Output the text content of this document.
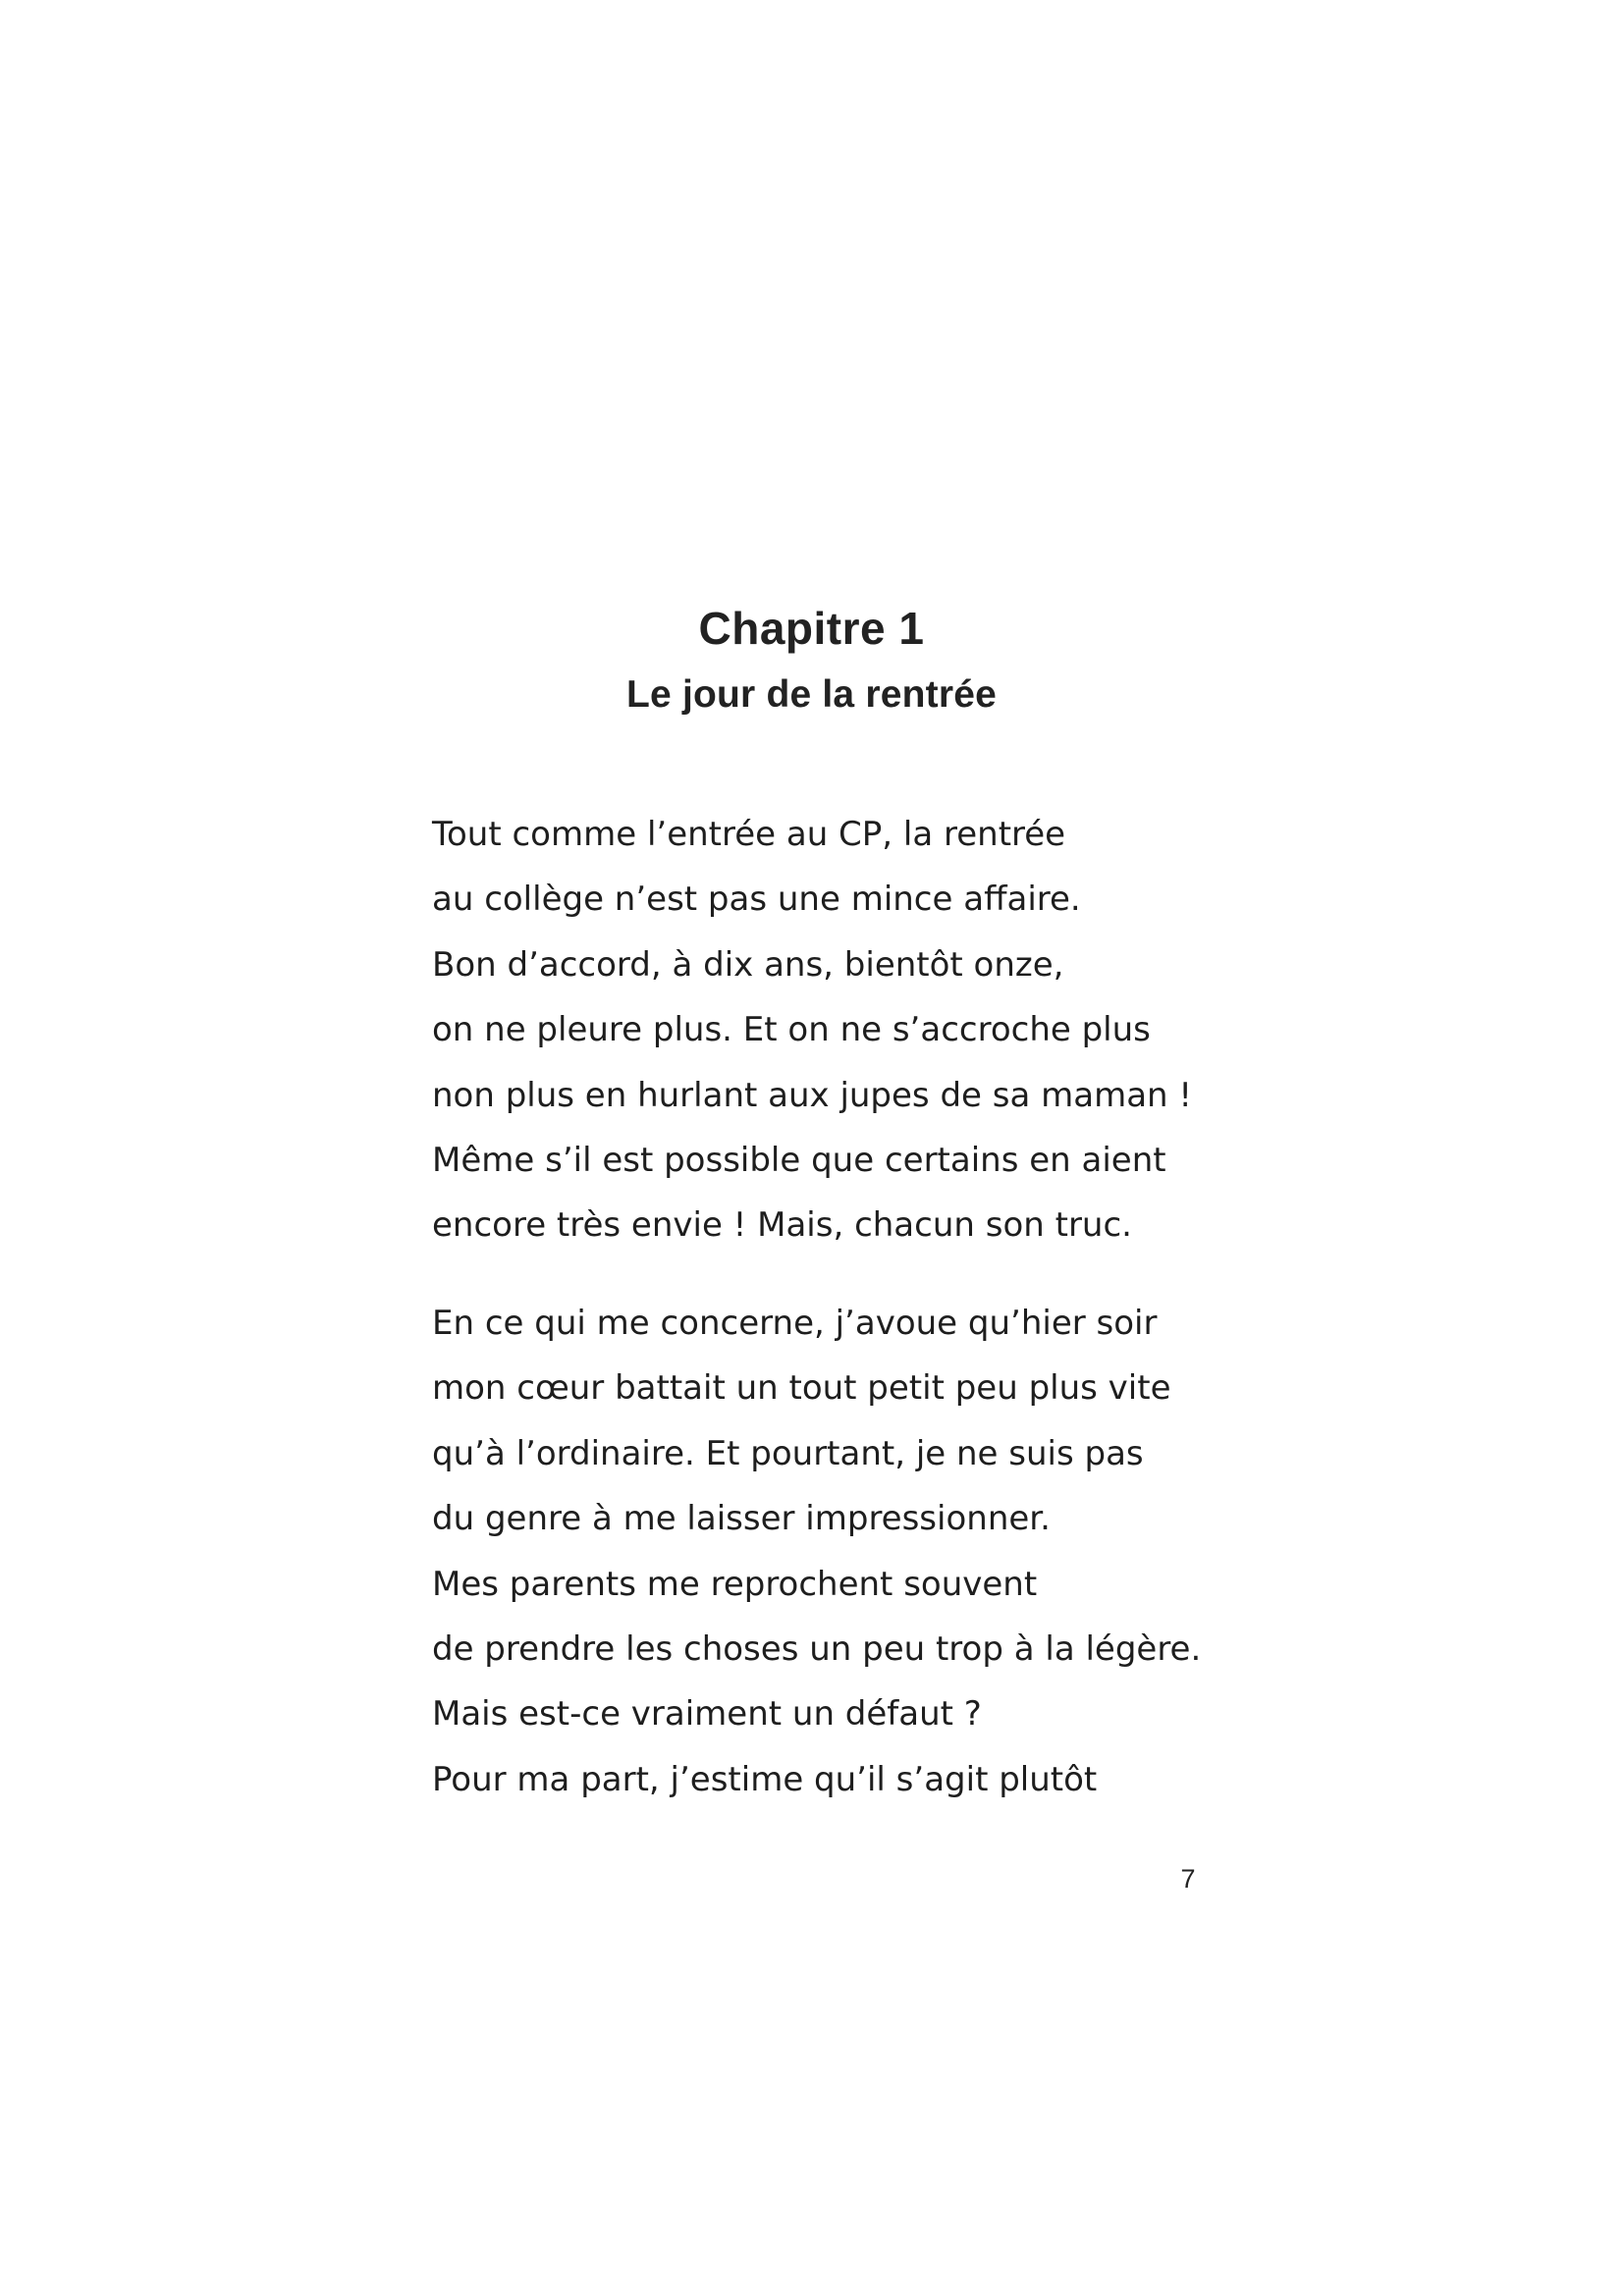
Chapitre 1
Le jour de la rentrée
Tout comme l’entrée au CP, la rentrée
au collège n’est pas une mince affaire.
Bon d’accord, à dix ans, bientôt onze,
on ne pleure plus. Et on ne s’accroche plus
non plus en hurlant aux jupes de sa maman !
Même s’il est possible que certains en aient
encore très envie ! Mais, chacun son truc.
En ce qui me concerne, j’avoue qu’hier soir
mon cœur battait un tout petit peu plus vite
qu’à l’ordinaire. Et pourtant, je ne suis pas
du genre à me laisser impressionner.
Mes parents me reprochent souvent
de prendre les choses un peu trop à la légère.
Mais est-ce vraiment un défaut ?
Pour ma part, j’estime qu’il s’agit plutôt
7
